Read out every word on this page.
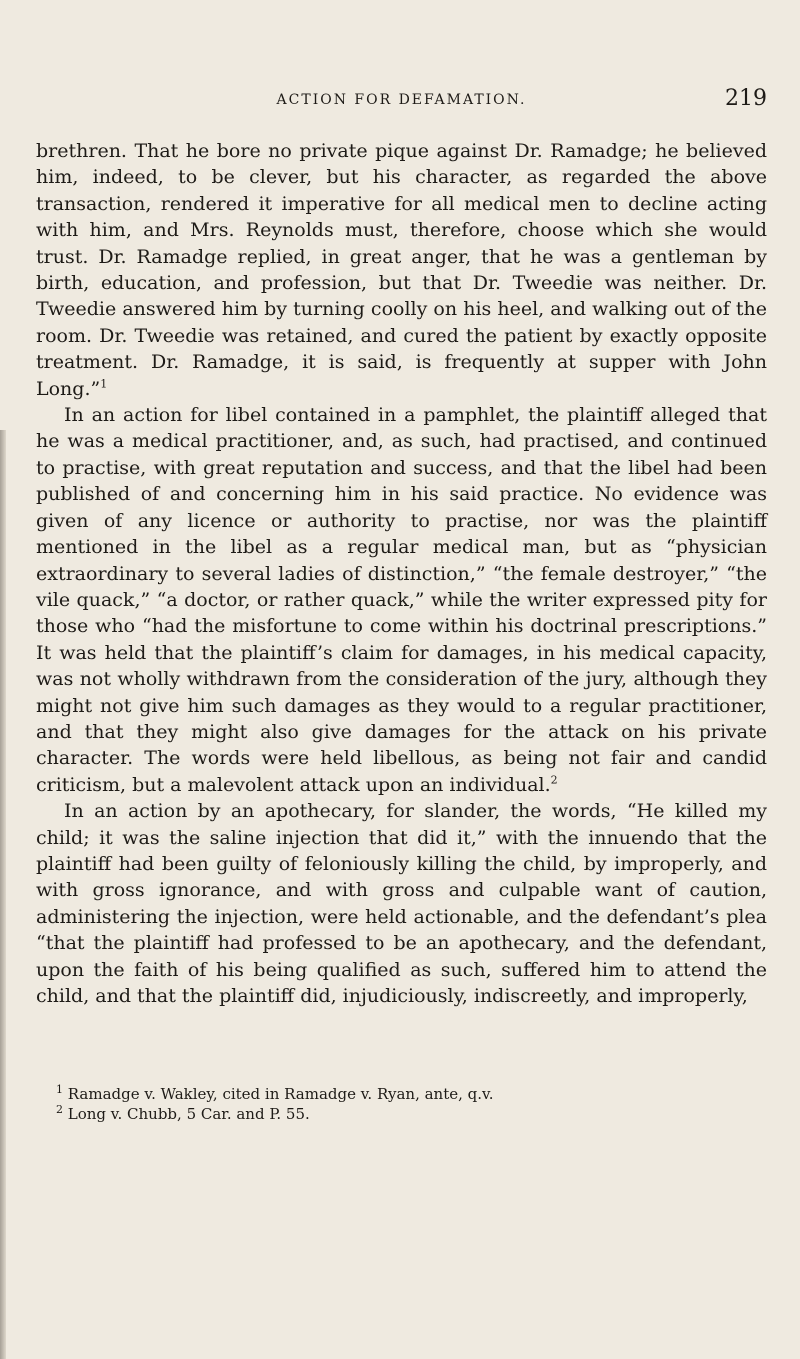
ACTION FOR DEFAMATION.	219

brethren. That he bore no private pique against Dr. Ramadge; he believed him, indeed, to be clever, but his character, as regarded the above transaction, rendered it imperative for all medical men to decline acting with him, and Mrs. Reynolds must, therefore, choose which she would trust. Dr. Ramadge replied, in great anger, that he was a gentleman by birth, education, and profession, but that Dr. Tweedie was neither. Dr. Tweedie answered him by turning coolly on his heel, and walking out of the room. Dr. Tweedie was retained, and cured the patient by exactly opposite treatment. Dr. Ramadge, it is said, is frequently at supper with John Long.”$^1$

In an action for libel contained in a pamphlet, the plaintiff alleged that he was a medical practitioner, and, as such, had practised, and continued to practise, with great reputation and success, and that the libel had been published of and concerning him in his said practice. No evidence was given of any licence or authority to practise, nor was the plaintiff mentioned in the libel as a regular medical man, but as “physician extraordinary to several ladies of distinction,” “the female destroyer,” “the vile quack,” “a doctor, or rather quack,” while the writer expressed pity for those who “had the misfortune to come within his doctrinal prescriptions.” It was held that the plaintiff’s claim for damages, in his medical capacity, was not wholly withdrawn from the consideration of the jury, although they might not give him such damages as they would to a regular practitioner, and that they might also give damages for the attack on his private character. The words were held libellous, as being not fair and candid criticism, but a malevolent attack upon an individual.$^2$

In an action by an apothecary, for slander, the words, “He killed my child; it was the saline injection that did it,” with the innuendo that the plaintiff had been guilty of feloniously killing the child, by improperly, and with gross ignorance, and with gross and culpable want of caution, administering the injection, were held actionable, and the defendant’s plea “that the plaintiff had professed to be an apothecary, and the defendant, upon the faith of his being qualified as such, suffered him to attend the child, and that the plaintiff did, injudiciously, indiscreetly, and improperly,

$^1$ Ramadge v. Wakley, cited in Ramadge v. Ryan, ante, q.v.
$^2$ Long v. Chubb, 5 Car. and P. 55.
